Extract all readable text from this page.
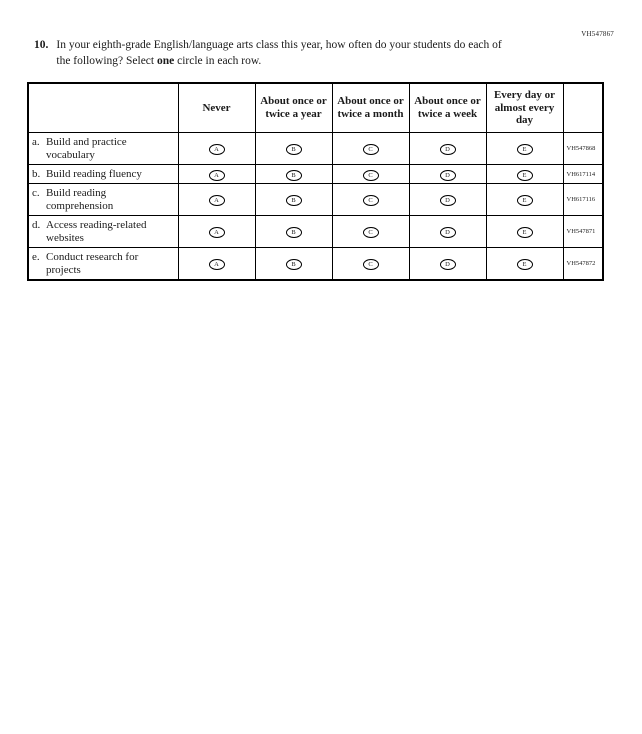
VH547867
10. In your eighth-grade English/language arts class this year, how often do your students do each of the following? Select one circle in each row.
	Never	About once or twice a year	About once or twice a month	About once or twice a week	Every day or almost every day	

a. Build and practice vocabulary	A	B	C	D	E	VH547868

b. Build reading fluency	A	B	C	D	E	VH617114

c. Build reading comprehension	A	B	C	D	E	VH617116

d. Access reading-related websites	A	B	C	D	E	VH547871

e. Conduct research for projects	A	B	C	D	E	VH547872
